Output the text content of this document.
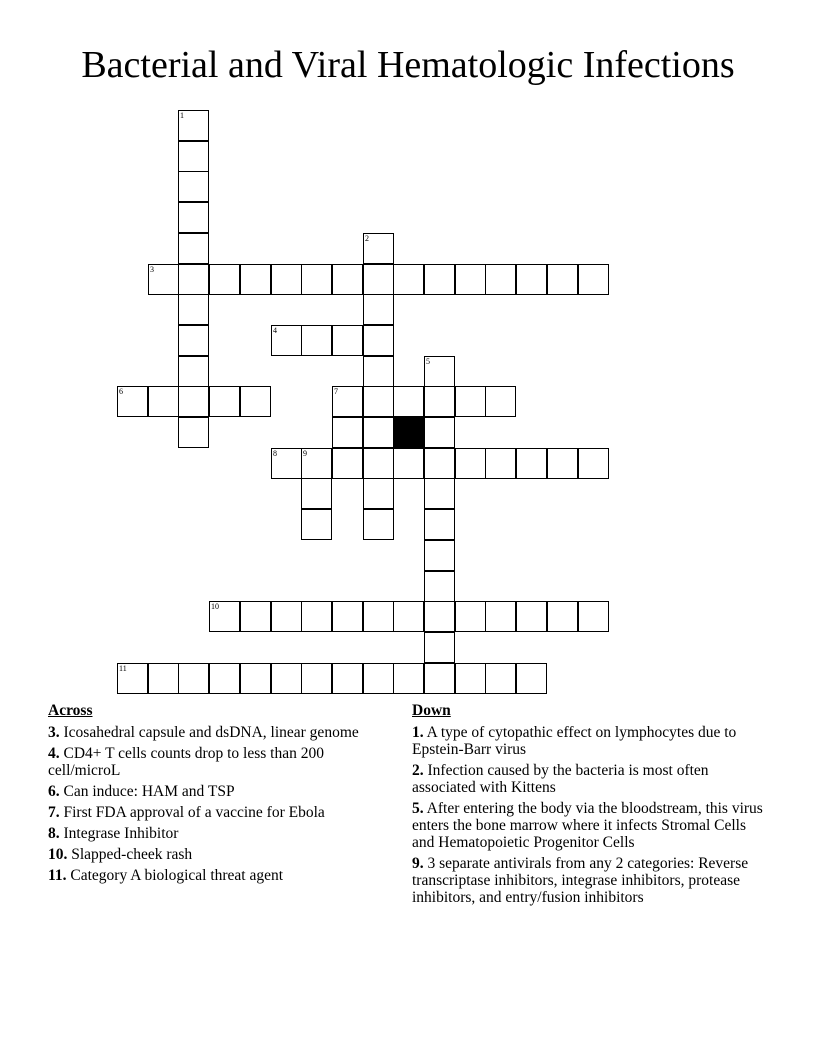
Bacterial and Viral Hematologic Infections
1
2
3
4
5
6	7
8	9
10
11
Across
3. Icosahedral capsule and dsDNA, linear genome
4. CD4+ T cells counts drop to less than 200 cell/microL
6. Can induce: HAM and TSP
7. First FDA approval of a vaccine for Ebola
8. Integrase Inhibitor
10. Slapped-cheek rash
11. Category A biological threat agent
Down
1. A type of cytopathic effect on lymphocytes due to Epstein-Barr virus
2. Infection caused by the bacteria is most often associated with Kittens
5. After entering the body via the bloodstream, this virus enters the bone marrow where it infects Stromal Cells and Hematopoietic Progenitor Cells
9. 3 separate antivirals from any 2 categories: Reverse transcriptase inhibitors, integrase inhibitors, protease inhibitors, and entry/fusion inhibitors
